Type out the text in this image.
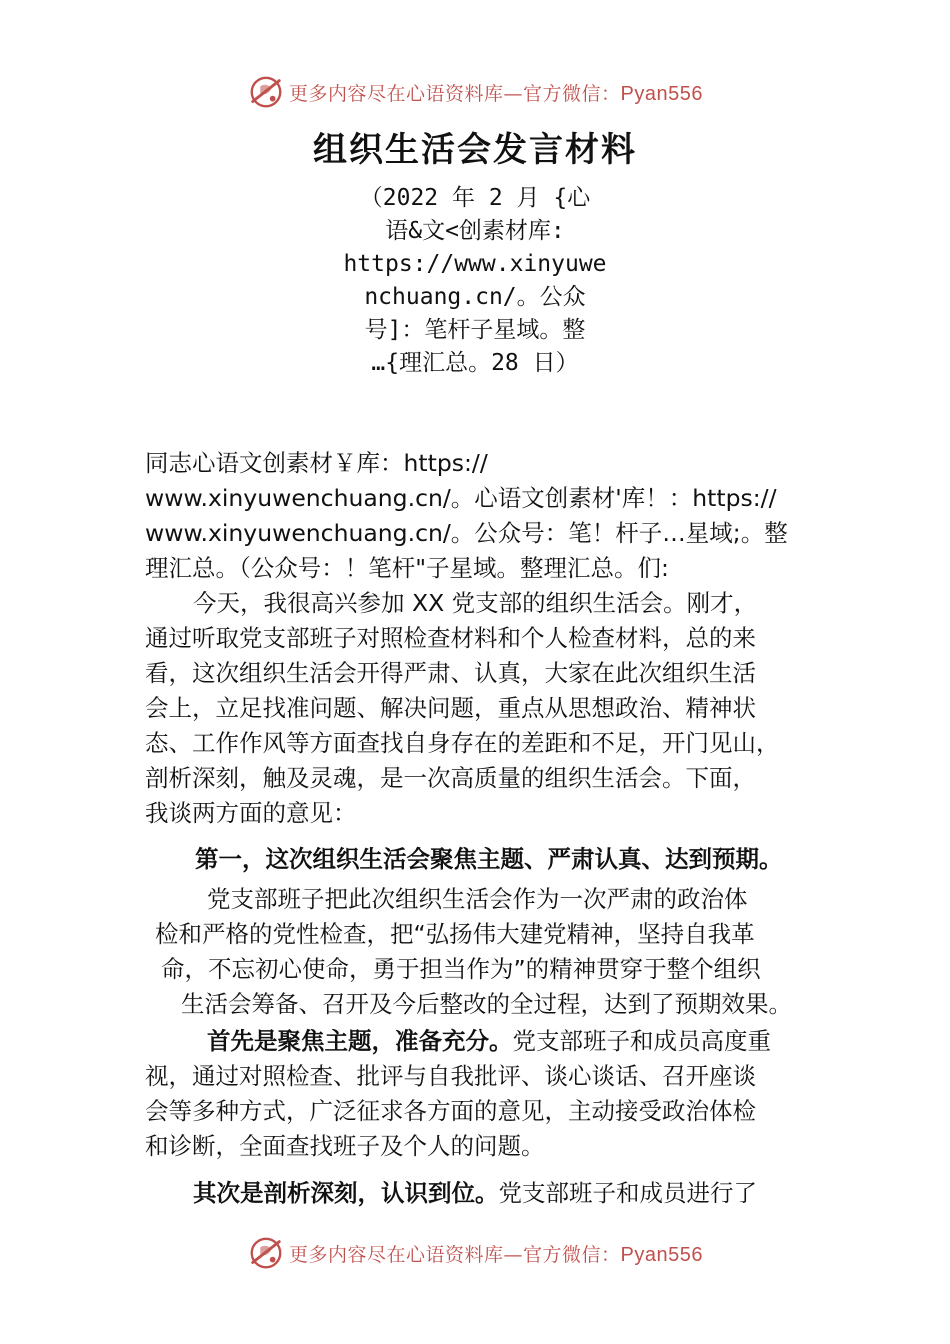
更多内容尽在心语资料库—官方微信：Pyan556
组织生活会发言材料
（2022 年 2 月 {心
语&文<创素材库:
https://www.xinyuwe
nchuang.cn/。公众
号]：笔杆子星域。整
…{理汇总。28 日）
同志心语文创素材￥库：https://
www.xinyuwenchuang.cn/。心语文创素材'库！：https://
www.xinyuwenchuang.cn/。公众号：笔！杆子…星域;。整
理汇总。（公众号：！笔杆"子星域。整理汇总。们:
今天，我很高兴参加 XX 党支部的组织生活会。刚才，
通过听取党支部班子对照检查材料和个人检查材料，总的来
看，这次组织生活会开得严肃、认真，大家在此次组织生活
会上，立足找准问题、解决问题，重点从思想政治、精神状
态、工作作风等方面查找自身存在的差距和不足，开门见山，
剖析深刻，触及灵魂，是一次高质量的组织生活会。下面，
我谈两方面的意见：
第一，这次组织生活会聚焦主题、严肃认真、达到预期。
党支部班子把此次组织生活会作为一次严肃的政治体
检和严格的党性检查，把“弘扬伟大建党精神，坚持自我革
命，不忘初心使命，勇于担当作为”的精神贯穿于整个组织
生活会筹备、召开及今后整改的全过程，达到了预期效果。
首先是聚焦主题，准备充分。党支部班子和成员高度重
视，通过对照检查、批评与自我批评、谈心谈话、召开座谈
会等多种方式，广泛征求各方面的意见，主动接受政治体检
和诊断，全面查找班子及个人的问题。
其次是剖析深刻，认识到位。党支部班子和成员进行了
更多内容尽在心语资料库—官方微信：Pyan556
